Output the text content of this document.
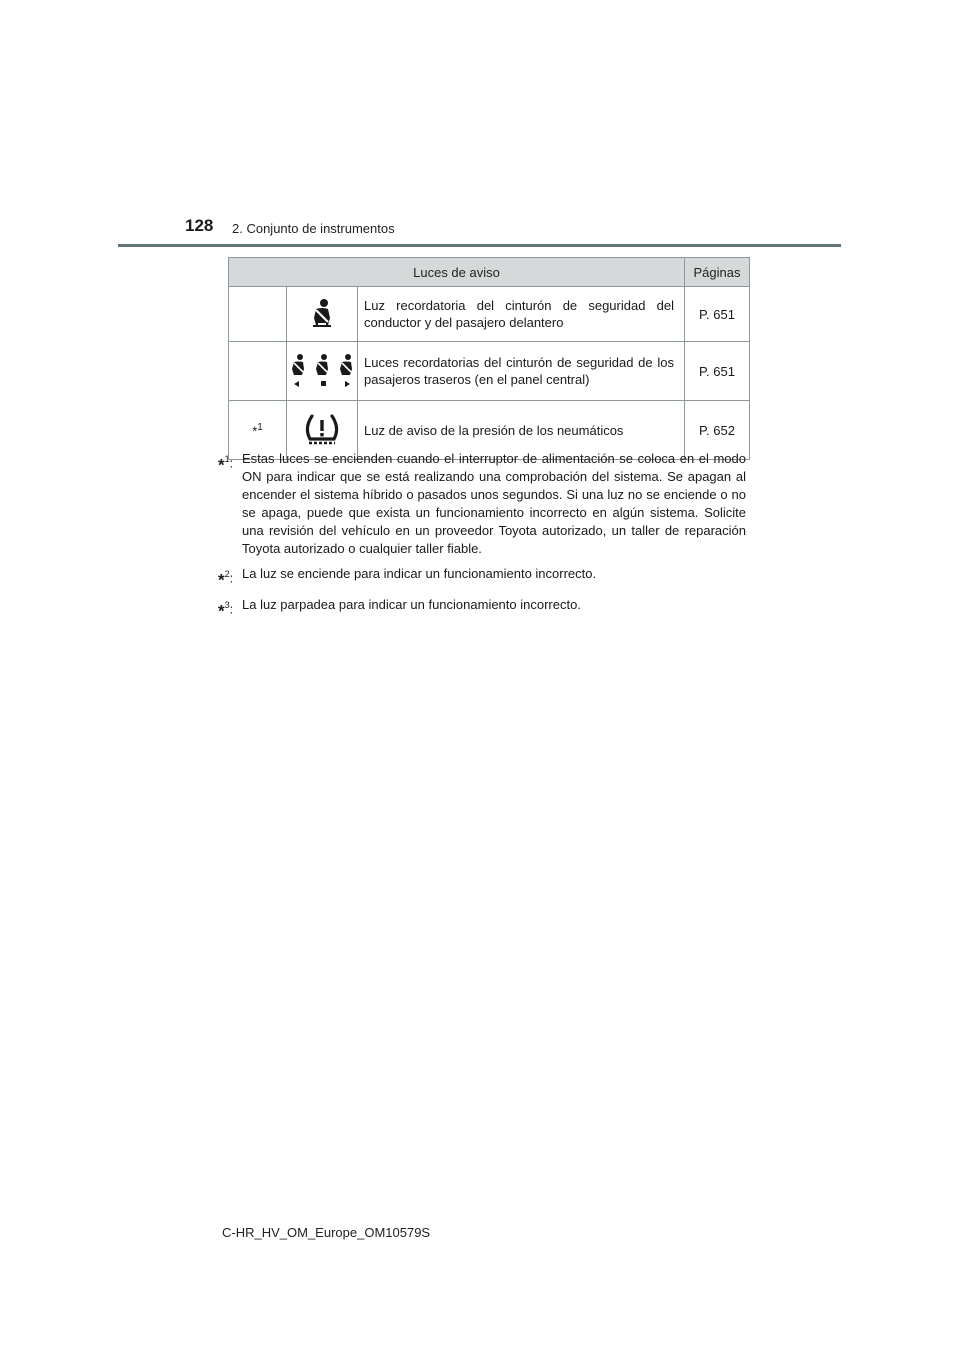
128 2. Conjunto de instrumentos
Luces de aviso			Páginas
		Luz recordatoria del cinturón de seguridad del conductor y del pasajero delantero	P. 651
		Luces recordatorias del cinturón de seguridad de los pasajeros traseros (en el panel central)	P. 651
*$^1$		Luz de aviso de la presión de los neumáticos	P. 652
*$^1$: Estas luces se encienden cuando el interruptor de alimentación se coloca en el modo ON para indicar que se está realizando una comprobación del sistema. Se apagan al encender el sistema híbrido o pasados unos segundos. Si una luz no se enciende o no se apaga, puede que exista un funcionamiento incorrecto en algún sistema. Solicite una revisión del vehículo en un proveedor Toyota autorizado, un taller de reparación Toyota autorizado o cualquier taller fiable.
*$^2$: La luz se enciende para indicar un funcionamiento incorrecto.
*$^3$: La luz parpadea para indicar un funcionamiento incorrecto.
C-HR_HV_OM_Europe_OM10579S
